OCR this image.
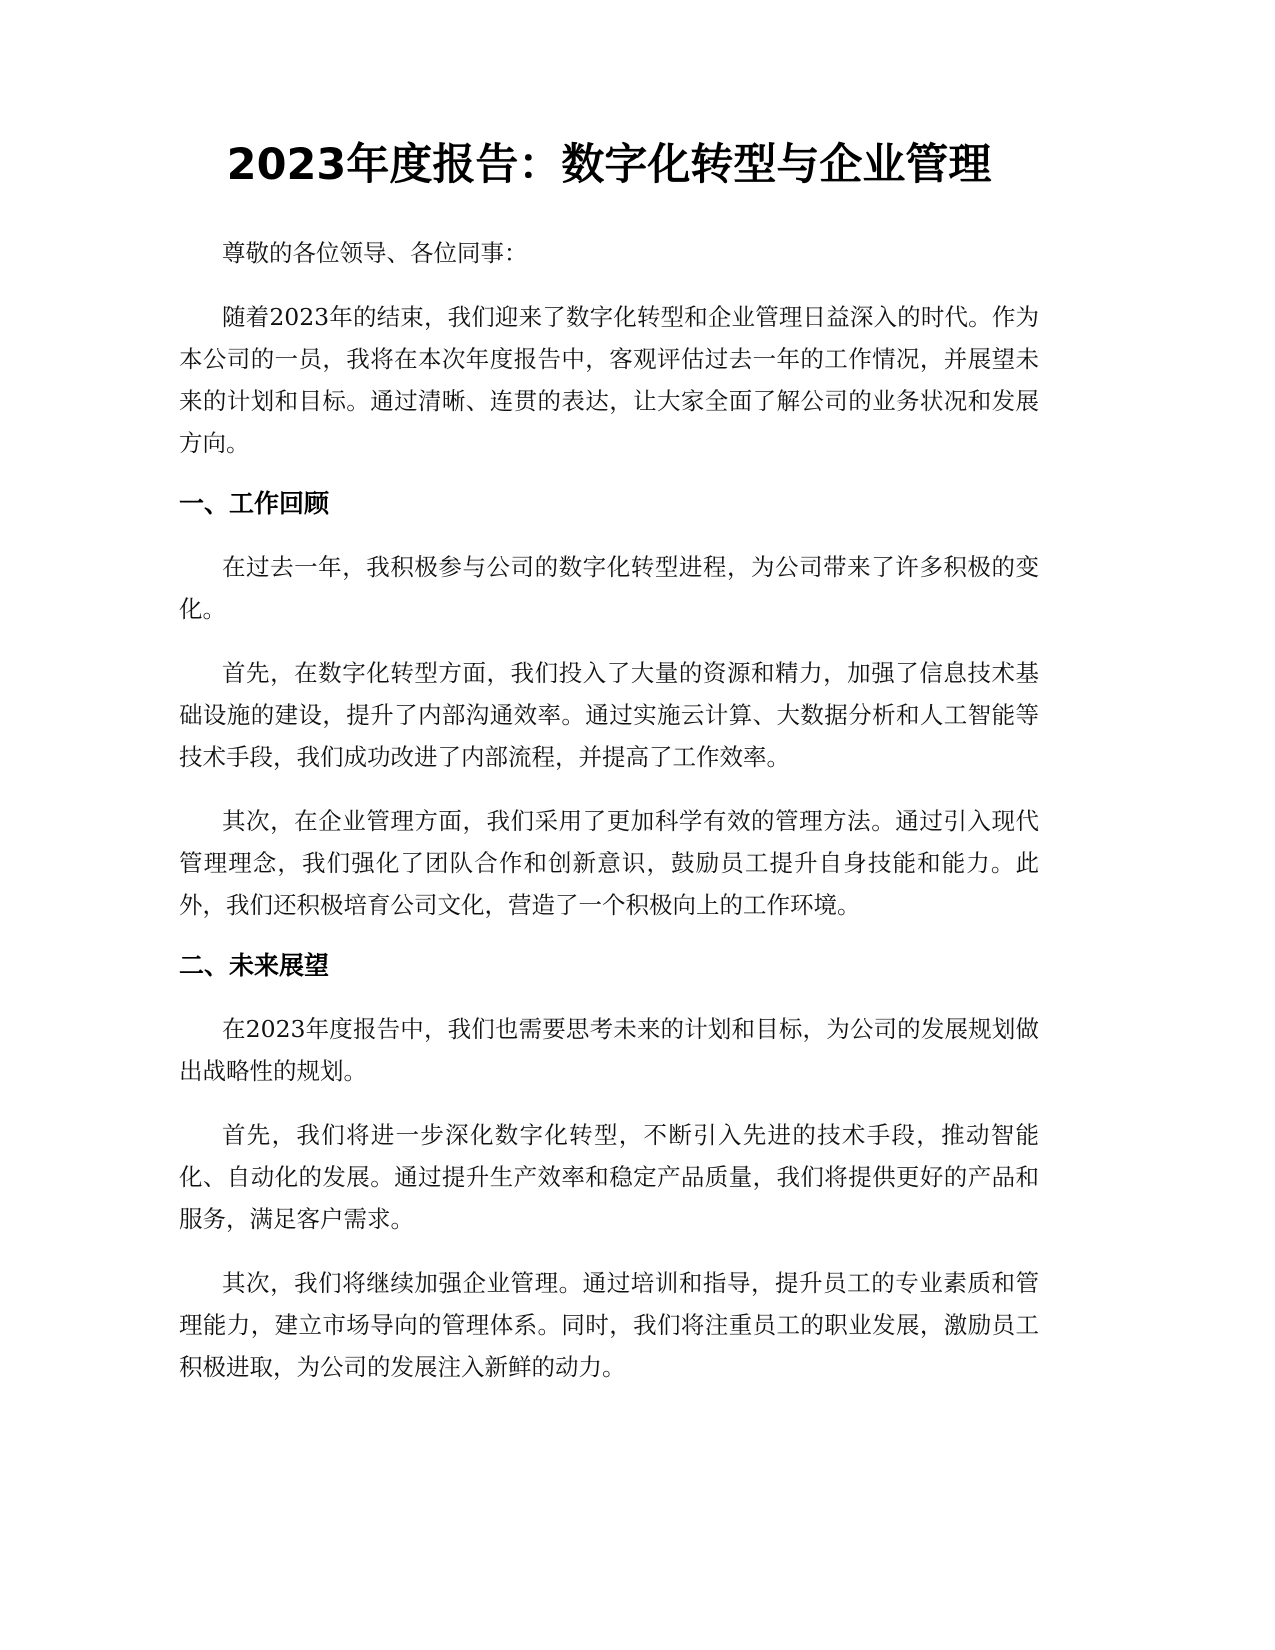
2023年度报告：数字化转型与企业管理

尊敬的各位领导、各位同事：

随着2023年的结束，我们迎来了数字化转型和企业管理日益深入的时代。作为本公司的一员，我将在本次年度报告中，客观评估过去一年的工作情况，并展望未来的计划和目标。通过清晰、连贯的表达，让大家全面了解公司的业务状况和发展方向。

一、工作回顾

在过去一年，我积极参与公司的数字化转型进程，为公司带来了许多积极的变化。

首先，在数字化转型方面，我们投入了大量的资源和精力，加强了信息技术基础设施的建设，提升了内部沟通效率。通过实施云计算、大数据分析和人工智能等技术手段，我们成功改进了内部流程，并提高了工作效率。

其次，在企业管理方面，我们采用了更加科学有效的管理方法。通过引入现代管理理念，我们强化了团队合作和创新意识，鼓励员工提升自身技能和能力。此外，我们还积极培育公司文化，营造了一个积极向上的工作环境。

二、未来展望

在2023年度报告中，我们也需要思考未来的计划和目标，为公司的发展规划做出战略性的规划。

首先，我们将进一步深化数字化转型，不断引入先进的技术手段，推动智能化、自动化的发展。通过提升生产效率和稳定产品质量，我们将提供更好的产品和服务，满足客户需求。

其次，我们将继续加强企业管理。通过培训和指导，提升员工的专业素质和管理能力，建立市场导向的管理体系。同时，我们将注重员工的职业发展，激励员工积极进取，为公司的发展注入新鲜的动力。
